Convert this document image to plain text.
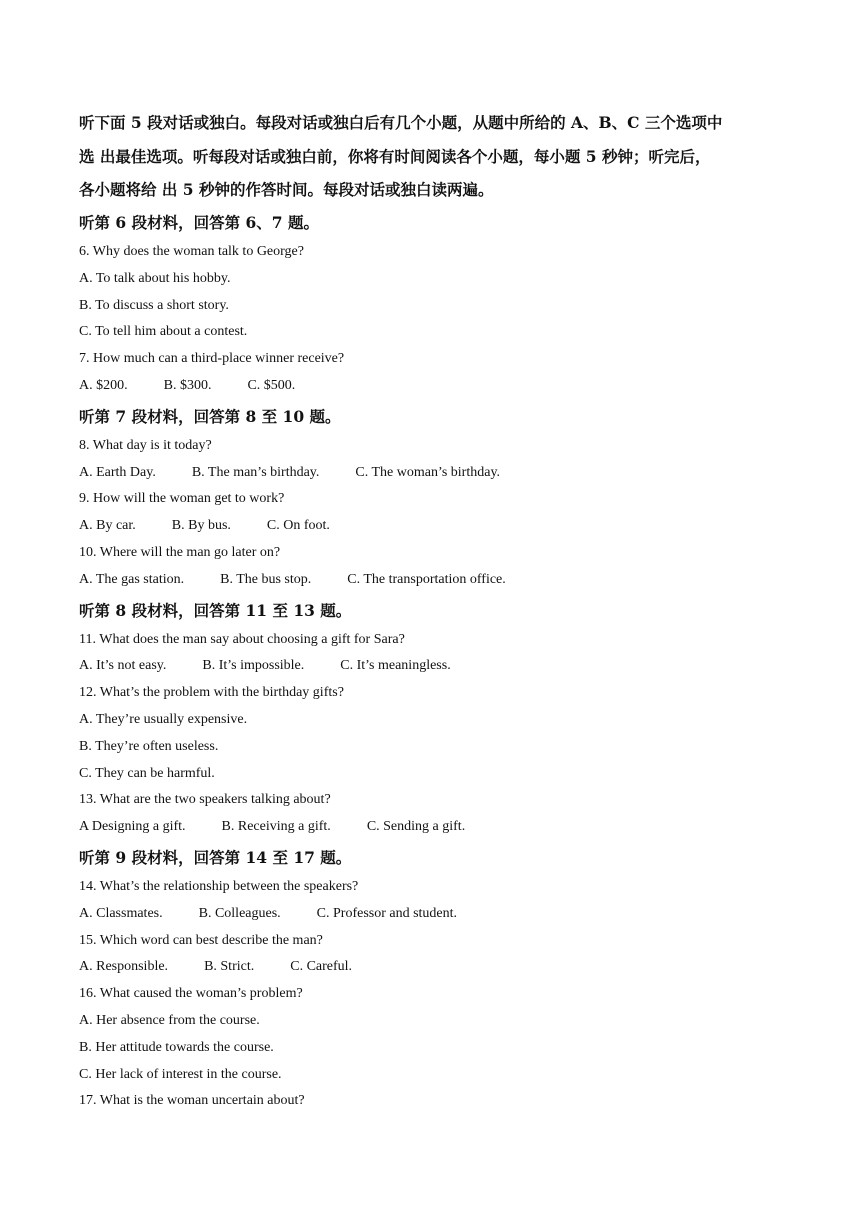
听下面 5 段对话或独白。每段对话或独白后有几个小题，从题中所给的 A、B、C 三个选项中
选 出最佳选项。听每段对话或独白前，你将有时间阅读各个小题，每小题 5 秒钟；听完后，
各小题将给 出 5 秒钟的作答时间。每段对话或独白读两遍。
听第 6 段材料，回答第 6、7 题。
6. Why does the woman talk to George?
A. To talk about his hobby.
B. To discuss a short story.
C. To tell him about a contest.
7. How much can a third-place winner receive?
A. $200.	B. $300.	C. $500.
听第 7 段材料，回答第 8 至 10 题。
8. What day is it today?
A. Earth Day.	B. The man’s birthday.	C. The woman’s birthday.
9. How will the woman get to work?
A. By car.	B. By bus.	C. On foot.
10. Where will the man go later on?
A. The gas station.	B. The bus stop.	C. The transportation office.
听第 8 段材料，回答第 11 至 13 题。
11. What does the man say about choosing a gift for Sara?
A. It’s not easy.	B. It’s impossible.	C. It’s meaningless.
12. What’s the problem with the birthday gifts?
A. They’re usually expensive.
B. They’re often useless.
C. They can be harmful.
13. What are the two speakers talking about?
A Designing a gift.	B. Receiving a gift.	C. Sending a gift.
听第 9 段材料，回答第 14 至 17 题。
14. What’s the relationship between the speakers?
A. Classmates.	B. Colleagues.	C. Professor and student.
15. Which word can best describe the man?
A. Responsible.	B. Strict.	C. Careful.
16. What caused the woman’s problem?
A. Her absence from the course.
B. Her attitude towards the course.
C. Her lack of interest in the course.
17. What is the woman uncertain about?
